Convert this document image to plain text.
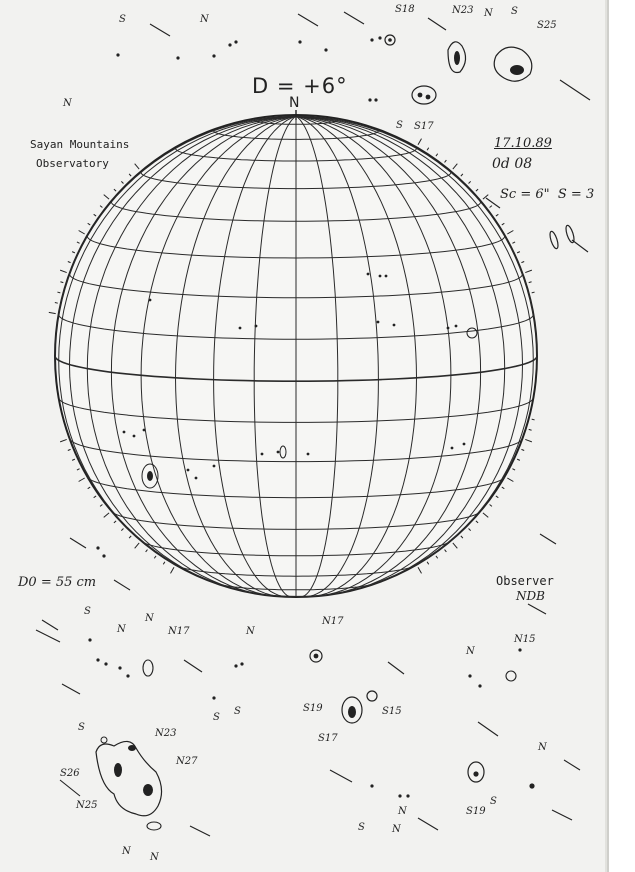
D = +6°
N
Sayan Mountains
Observatory
17.10.89
0d 08
Sc = 6" S = 3
D0 = 55 cm	Observer
NDB
S	N
S18	N23 N S
S25
N
S S17
S
N
N
N17	N
N17
N
N15
S19	S15
S17
S
N23
N27
S26
N25
N
S19
S
N
S
N
N
N
S
S
